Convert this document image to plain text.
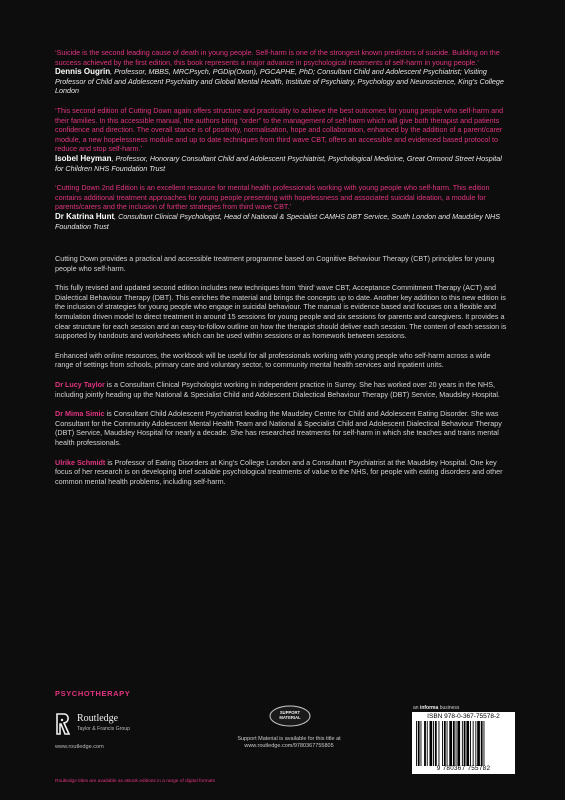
‘Suicide is the second leading cause of death in young people. Self-harm is one of the strongest known predictors of suicide. Building on the success achieved by the first edition, this book represents a major advance in psychological treatments of self-harm in young people.’
Dennis Ougrin, Professor, MBBS, MRCPsych, PGDip(Oxon), PGCAPHE, PhD; Consultant Child and Adolescent Psychiatrist; Visiting Professor of Child and Adolescent Psychiatry and Global Mental Health, Institute of Psychiatry, Psychology and Neuroscience, King’s College London
‘This second edition of Cutting Down again offers structure and practicality to achieve the best outcomes for young people who self-harm and their families. In this accessible manual, the authors bring “order” to the management of self-harm which will give both therapist and patients confidence and direction. The overall stance is of positivity, normalisation, hope and collaboration, enhanced by the addition of a parent/carer module, a new hopelessness module and up to date techniques from third wave CBT, offers an accessible and evidenced based protocol to reduce and stop self-harm.’
Isobel Heyman, Professor, Honorary Consultant Child and Adolescent Psychiatrist, Psychological Medicine, Great Ormond Street Hospital for Children NHS Foundation Trust
‘Cutting Down 2nd Edition is an excellent resource for mental health professionals working with young people who self-harm. This edition contains additional treatment approaches for young people presenting with hopelessness and associated suicidal ideation, a module for parents/carers and the inclusion of further strategies from third wave CBT.’
Dr Katrina Hunt, Consultant Clinical Psychologist, Head of National & Specialist CAMHS DBT Service, South London and Maudsley NHS Foundation Trust

Cutting Down provides a practical and accessible treatment programme based on Cognitive Behaviour Therapy (CBT) principles for young people who self-harm.

This fully revised and updated second edition includes new techniques from ‘third’ wave CBT, Acceptance Commitment Therapy (ACT) and Dialectical Behaviour Therapy (DBT). This enriches the material and brings the concepts up to date. Another key addition to this new edition is the inclusion of strategies for young people who engage in suicidal behaviour. The manual is evidence based and focuses on a flexible and formulation driven model to direct treatment in around 15 sessions for young people and six sessions for parents and caregivers. It provides a clear structure for each session and an easy-to-follow outline on how the therapist should deliver each session. The content of each session is supported by handouts and worksheets which can be used within sessions or as homework between sessions.

Enhanced with online resources, the workbook will be useful for all professionals working with young people who self-harm across a wide range of settings from schools, primary care and voluntary sector, to community mental health services and inpatient units.

Dr Lucy Taylor is a Consultant Clinical Psychologist working in independent practice in Surrey. She has worked over 20 years in the NHS, including jointly heading up the National & Specialist Child and Adolescent Dialectical Behaviour Therapy (DBT) Service, Maudsley Hospital.
Dr Mima Simic is Consultant Child Adolescent Psychiatrist leading the Maudsley Centre for Child and Adolescent Eating Disorder. She was Consultant for the Community Adolescent Mental Health Team and National & Specialist Child and Adolescent Dialectical Behaviour Therapy (DBT) Service, Maudsley Hospital for nearly a decade. She has researched treatments for self-harm in which she teaches and trains mental health professionals.
Ulrike Schmidt is Professor of Eating Disorders at King’s College London and a Consultant Psychiatrist at the Maudsley Hospital. One key focus of her research is on developing brief scalable psychological treatments of value to the NHS, for people with eating disorders and other common mental health problems, including self-harm.
PSYCHOTHERAPY
Routledge
Taylor & Francis Group
www.routledge.com
SUPPORT
MATERIAL
Support Material is available for this title at
www.routledge.com/9780367755805
an informa business
ISBN 978-0-367-75578-2
9 780367 755782
Routledge titles are available as eBook editions in a range of digital formats
